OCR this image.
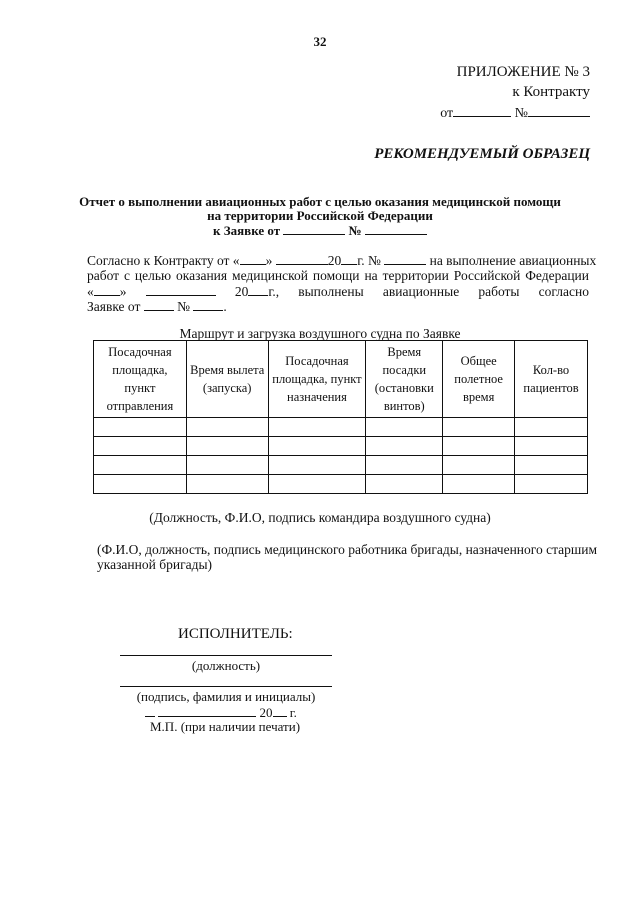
32
ПРИЛОЖЕНИЕ № 3
к Контракту
от	№
РЕКОМЕНДУЕМЫЙ ОБРАЗЕЦ
Отчет о выполнении авиационных работ с целью оказания медицинской помощи
на территории Российской Федерации
к Заявке от	№
Согласно к Контракту от « »	20 г. №	на выполнение авиационных
работ с целью оказания медицинской помощи на территории Российской Федерации
« »	20 г., выполнены авиационные работы согласно
Заявке от	№ .
Маршрут и загрузка воздушного судна по Заявке
Посадочная площадка, пункт отправления	Время вылета (запуска)	Посадочная площадка, пункт назначения	Время посадки (остановки винтов)	Общее полетное время	Кол-во пациентов

(Должность, Ф.И.О, подпись командира воздушного судна)
(Ф.И.О, должность, подпись медицинского работника бригады, назначенного старшим
указанной бригады)
ИСПОЛНИТЕЛЬ:
(должность)
(подпись, фамилия и инициалы)
20 г.
М.П. (при наличии печати)
